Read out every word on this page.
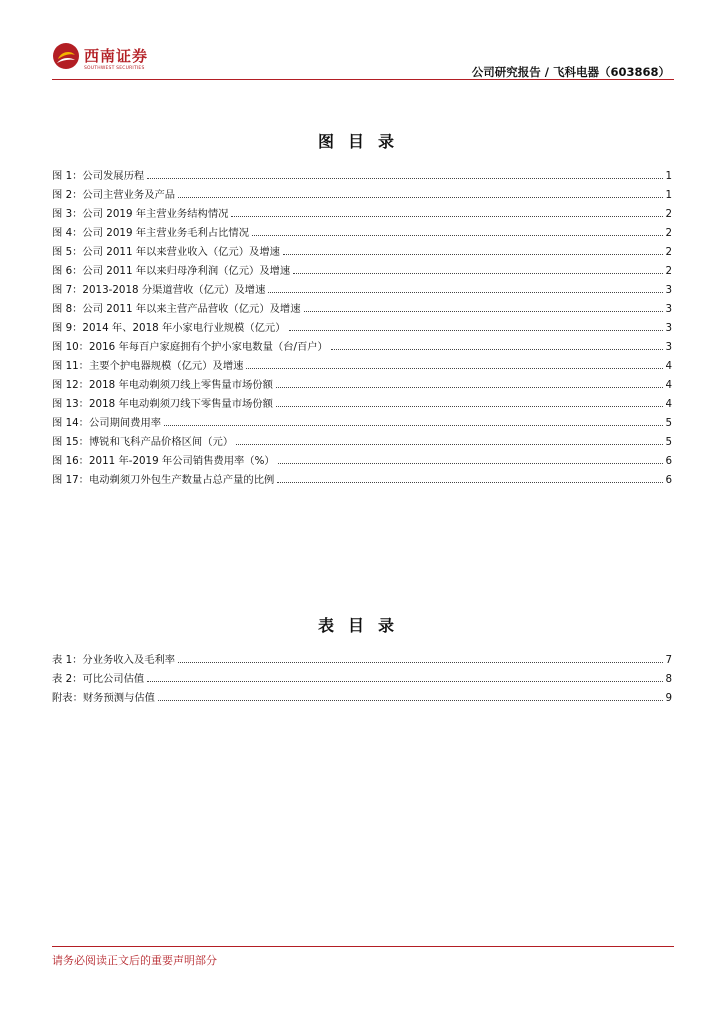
西南证券
SOUTHWEST SECURITIES	公司研究报告 / 飞科电器（603868）
图目录
图 1：公司发展历程	1
图 2：公司主营业务及产品	1
图 3：公司 2019 年主营业务结构情况	2
图 4：公司 2019 年主营业务毛利占比情况	2
图 5：公司 2011 年以来营业收入（亿元）及增速	2
图 6：公司 2011 年以来归母净利润（亿元）及增速	2
图 7：2013-2018 分渠道营收（亿元）及增速	3
图 8：公司 2011 年以来主营产品营收（亿元）及增速	3
图 9：2014 年、2018 年小家电行业规模（亿元）	3
图 10：2016 年每百户家庭拥有个护小家电数量（台/百户）	3
图 11：主要个护电器规模（亿元）及增速	4
图 12：2018 年电动剃须刀线上零售量市场份额	4
图 13：2018 年电动剃须刀线下零售量市场份额	4
图 14：公司期间费用率	5
图 15：博锐和飞科产品价格区间（元）	5
图 16：2011 年-2019 年公司销售费用率（%）	6
图 17：电动剃须刀外包生产数量占总产量的比例	6
表目录
表 1：分业务收入及毛利率	7
表 2：可比公司估值	8
附表：财务预测与估值	9
请务必阅读正文后的重要声明部分
